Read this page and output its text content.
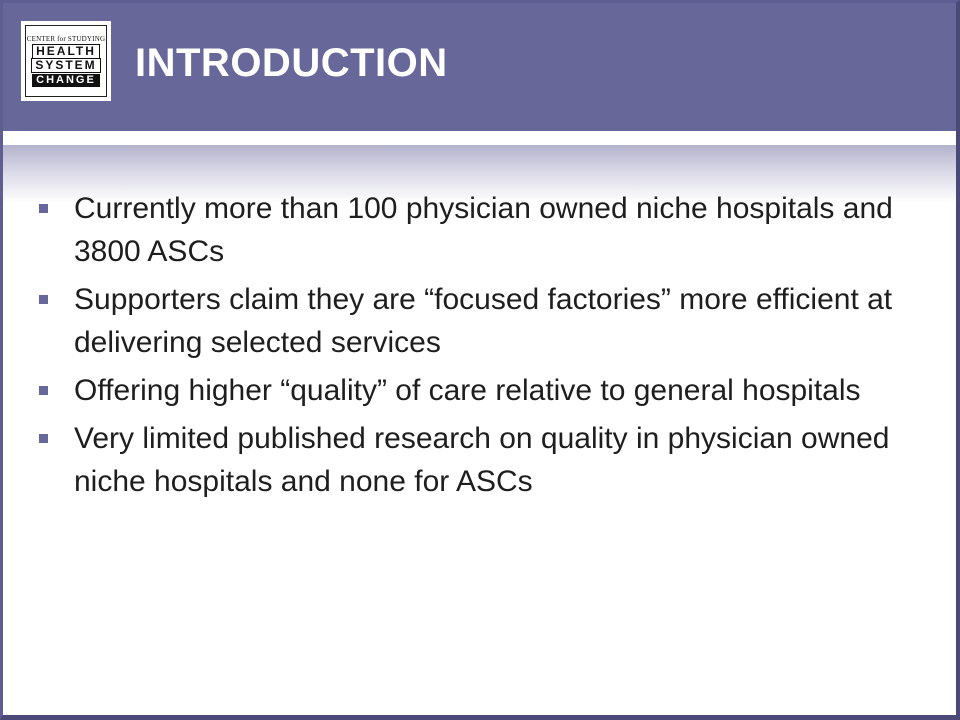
CENTER for STUDYING
HEALTH
SYSTEM
CHANGE INTRODUCTION
Currently more than 100 physician owned niche hospitals and 3800 ASCs
Supporters claim they are “focused factories” more efficient at delivering selected services
Offering higher “quality” of care relative to general hospitals
Very limited published research on quality in physician owned niche hospitals and none for ASCs
